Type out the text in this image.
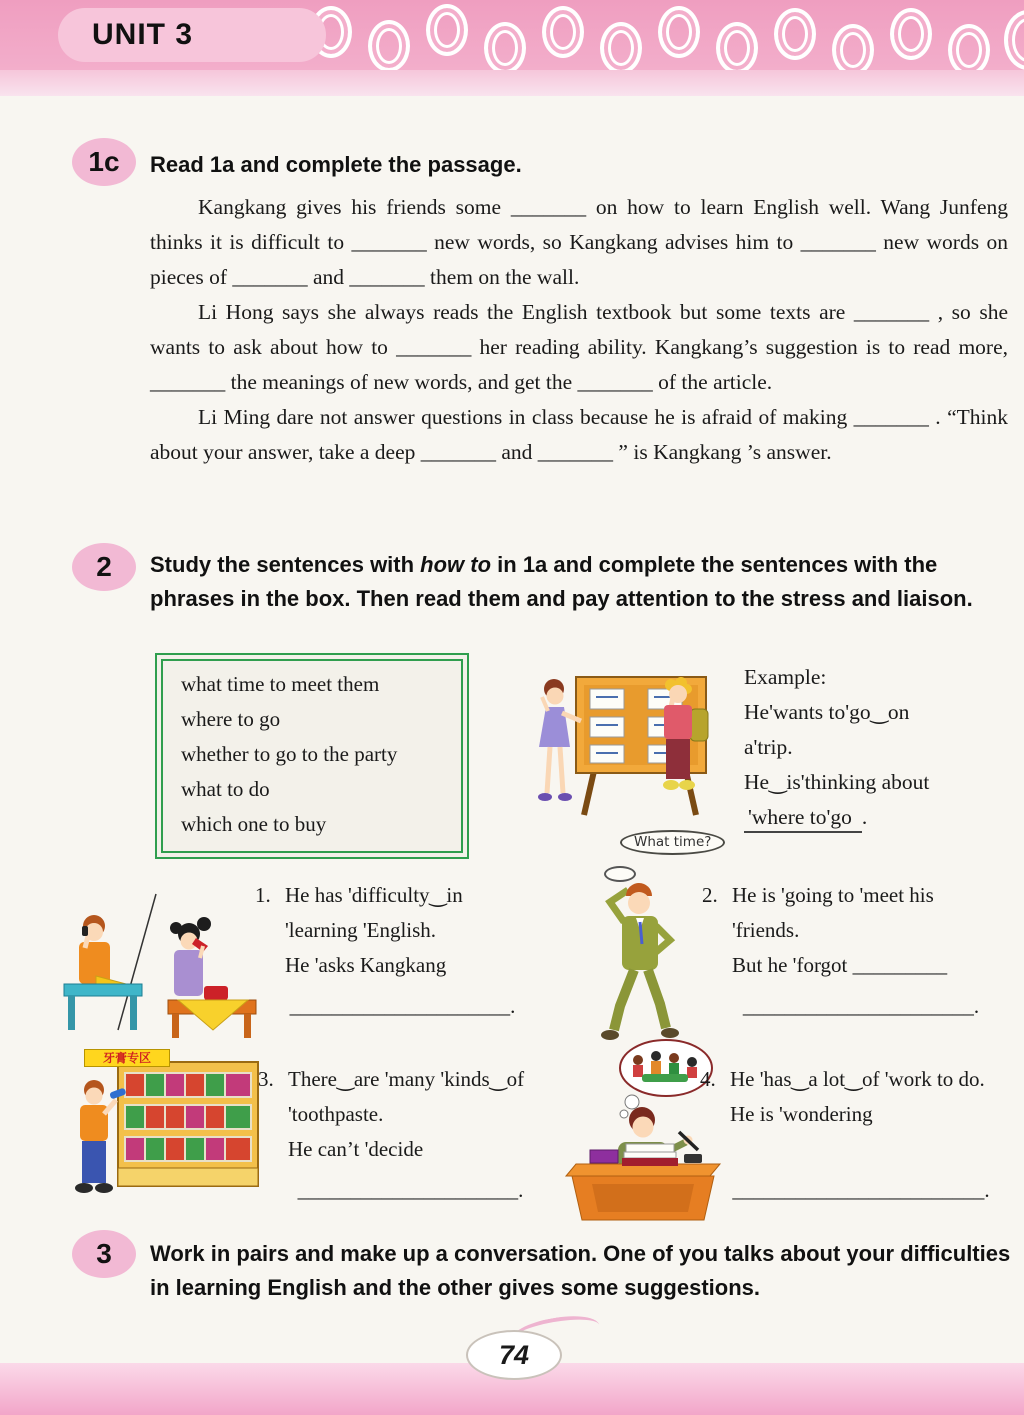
UNIT 3
1c	Read 1a and complete the passage.

Kangkang gives his friends some _______ on how to learn English well. Wang Junfeng thinks it is difficult to _______ new words, so Kangkang advises him to _______ new words on pieces of _______ and _______ them on the wall.

Li Hong says she always reads the English textbook but some texts are _______ , so she wants to ask about how to _______ her reading ability. Kangkang’s suggestion is to read more, _______ the meanings of new words, and get the _______ of the article.

Li Ming dare not answer questions in class because he is afraid of making _______ . “Think about your answer, take a deep _______ and _______ ” is Kangkang ’s answer.

2	Study the sentences with how to in 1a and complete the sentences with the phrases in the box. Then read them and pay attention to the stress and liaison.
what time to meet them
where to go
whether to go to the party
what to do
which one to buy
Example:
He'wants to'go‿on
a'trip.
He‿is'thinking about
'where to'go .
What time?
1. He has 'difficulty‿in
'learning 'English.
He 'asks Kangkang
_____________________.
2. He is 'going to 'meet his
'friends.
But he 'forgot _________
______________________.
牙膏专区
3. There‿are 'many 'kinds‿of
'toothpaste.
He can’t 'decide
_____________________.
4. He 'has‿a lot‿of 'work to do.
He is 'wondering
________________________.
3	Work in pairs and make up a conversation. One of you talks about your difficulties in learning English and the other gives some suggestions.
74
